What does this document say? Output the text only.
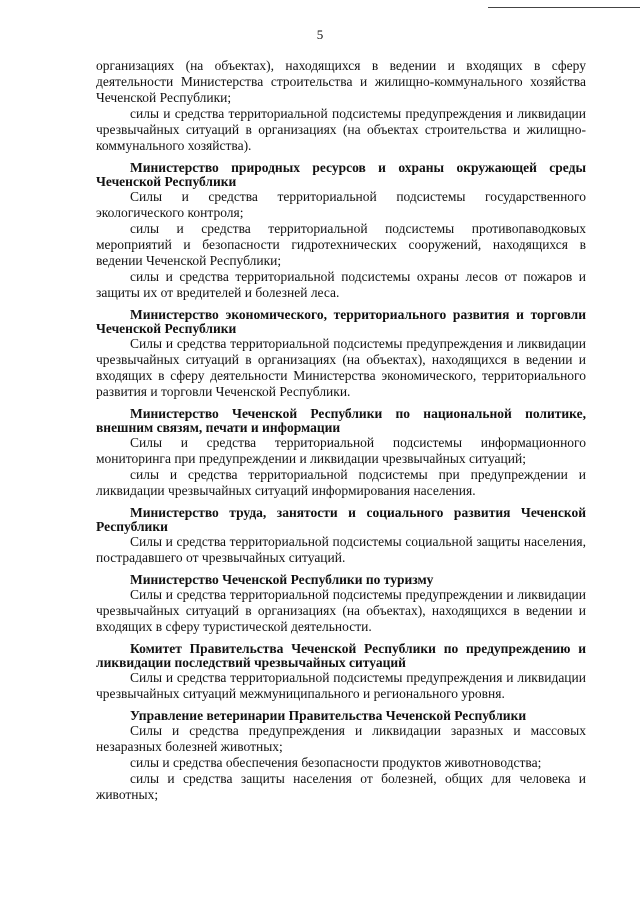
5

организациях (на объектах), находящихся в ведении и входящих в сферу деятельности Министерства строительства и жилищно-коммунального хозяйства Чеченской Республики;

силы и средства территориальной подсистемы предупреждения и ликвидации чрезвычайных ситуаций в организациях (на объектах строительства и жилищно-коммунального хозяйства).

Министерство природных ресурсов и охраны окружающей среды Чеченской Республики

Силы и средства территориальной подсистемы государственного экологического контроля;

силы и средства территориальной подсистемы противопаводковых мероприятий и безопасности гидротехнических сооружений, находящихся в ведении Чеченской Республики;

силы и средства территориальной подсистемы охраны лесов от пожаров и защиты их от вредителей и болезней леса.

Министерство экономического, территориального развития и торговли Чеченской Республики

Силы и средства территориальной подсистемы предупреждения и ликвидации чрезвычайных ситуаций в организациях (на объектах), находящихся в ведении и входящих в сферу деятельности Министерства экономического, территориального развития и торговли Чеченской Республики.

Министерство Чеченской Республики по национальной политике, внешним связям, печати и информации

Силы и средства территориальной подсистемы информационного мониторинга при предупреждении и ликвидации чрезвычайных ситуаций;

силы и средства территориальной подсистемы при предупреждении и ликвидации чрезвычайных ситуаций информирования населения.

Министерство труда, занятости и социального развития Чеченской Республики

Силы и средства территориальной подсистемы социальной защиты населения, пострадавшего от чрезвычайных ситуаций.

Министерство Чеченской Республики по туризму

Силы и средства территориальной подсистемы предупреждении и ликвидации чрезвычайных ситуаций в организациях (на объектах), находящихся в ведении и входящих в сферу туристической деятельности.

Комитет Правительства Чеченской Республики по предупреждению и ликвидации последствий чрезвычайных ситуаций

Силы и средства территориальной подсистемы предупреждения и ликвидации чрезвычайных ситуаций межмуниципального и регионального уровня.

Управление ветеринарии Правительства Чеченской Республики

Силы и средства предупреждения и ликвидации заразных и массовых незаразных болезней животных;

силы и средства обеспечения безопасности продуктов животноводства;

силы и средства защиты населения от болезней, общих для человека и животных;
